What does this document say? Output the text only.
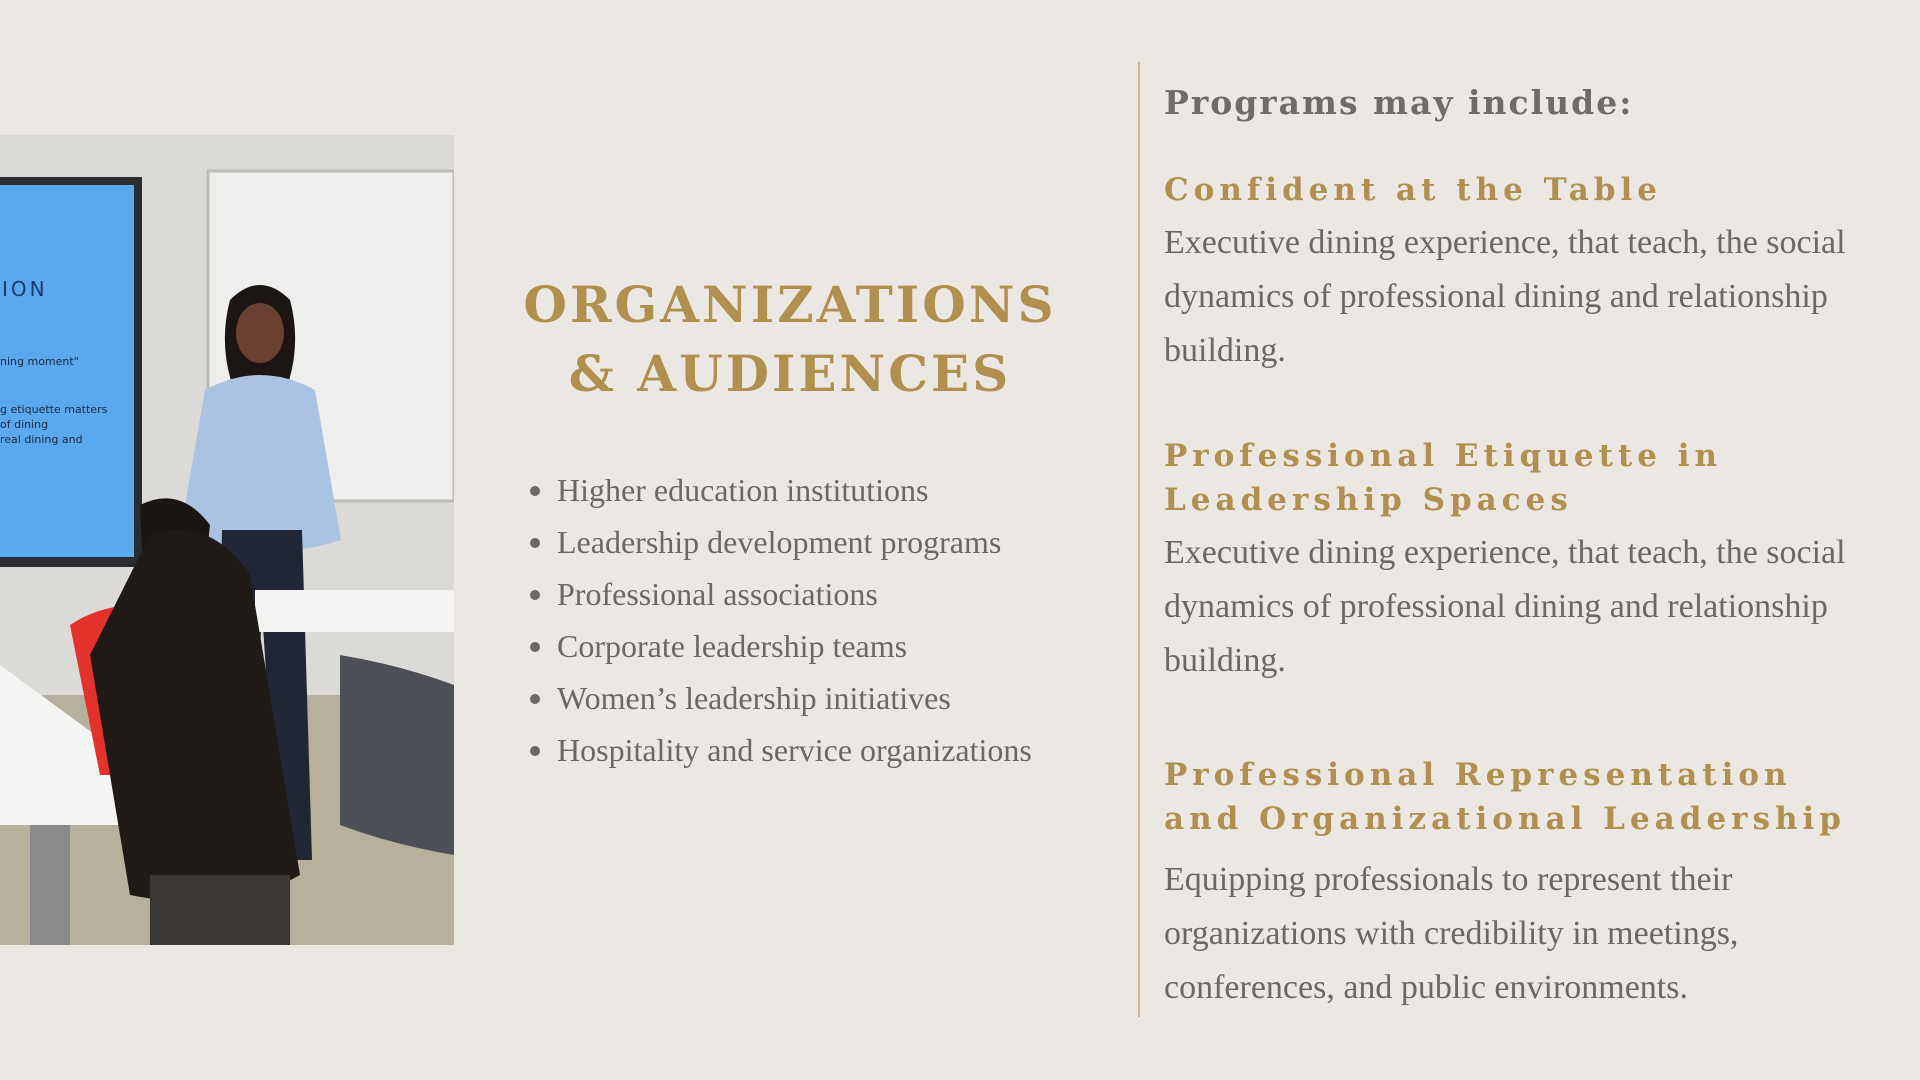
ION
ning moment"
g etiquette matters
of dining
real dining and
ORGANIZATIONS
& AUDIENCES
Higher education institutions
Leadership development programs
Professional associations
Corporate leadership teams
Women’s leadership initiatives
Hospitality and service organizations
Programs may include:
Confident at the Table

Executive dining experience, that teach, the social dynamics of professional dining and relationship building.

Professional Etiquette in Leadership Spaces

Executive dining experience, that teach, the social dynamics of professional dining and relationship building.

Professional Representation and Organizational Leadership

Equipping professionals to represent their organizations with credibility in meetings, conferences, and public environments.
